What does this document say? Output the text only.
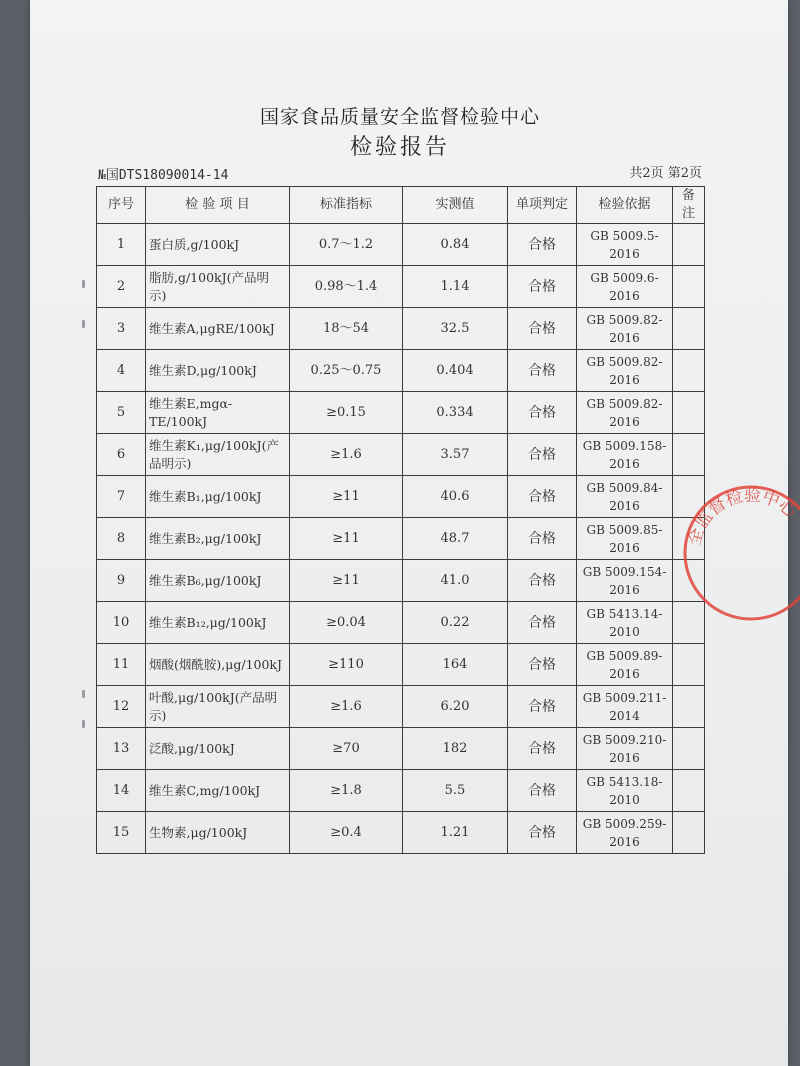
国家食品质量安全监督检验中心
检验报告
№国DTS18090014-14	共2页 第2页
序号	检 验 项 目	标准指标	实测值	单项判定	检验依据	备注
1	蛋白质,g/100kJ	0.7～1.2	0.84	合格	GB 5009.5-2016	
2	脂肪,g/100kJ(产品明示)	0.98～1.4	1.14	合格	GB 5009.6-2016	
3	维生素A,μgRE/100kJ	18～54	32.5	合格	GB 5009.82-2016	
4	维生素D,μg/100kJ	0.25～0.75	0.404	合格	GB 5009.82-2016	
5	维生素E,mgα-TE/100kJ	≥0.15	0.334	合格	GB 5009.82-2016	
6	维生素K₁,μg/100kJ(产品明示)	≥1.6	3.57	合格	GB 5009.158-2016	
7	维生素B₁,μg/100kJ	≥11	40.6	合格	GB 5009.84-2016	
8	维生素B₂,μg/100kJ	≥11	48.7	合格	GB 5009.85-2016	
9	维生素B₆,μg/100kJ	≥11	41.0	合格	GB 5009.154-2016	
10	维生素B₁₂,μg/100kJ	≥0.04	0.22	合格	GB 5413.14-2010	
11	烟酸(烟酰胺),μg/100kJ	≥110	164	合格	GB 5009.89-2016	
12	叶酸,μg/100kJ(产品明示)	≥1.6	6.20	合格	GB 5009.211-2014	
13	泛酸,μg/100kJ	≥70	182	合格	GB 5009.210-2016	
14	维生素C,mg/100kJ	≥1.8	5.5	合格	GB 5413.18-2010	
15	生物素,μg/100kJ	≥0.4	1.21	合格	GB 5009.259-2016	
全监督检验中心
